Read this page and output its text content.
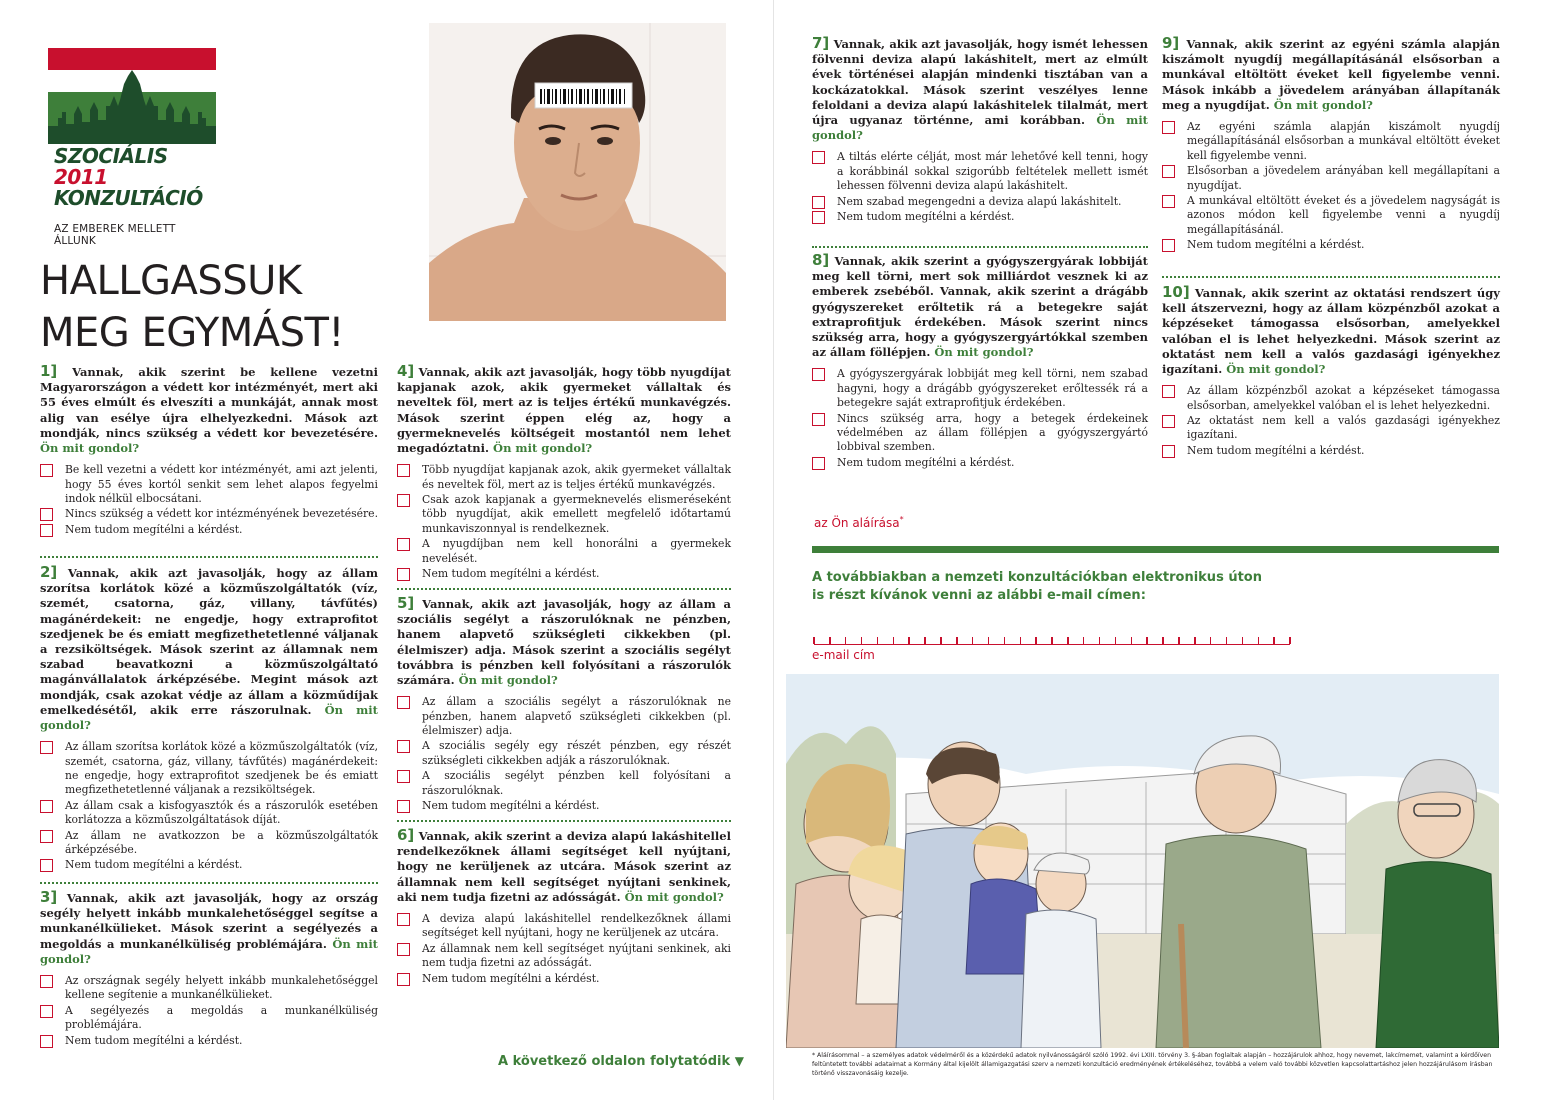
SZOCIÁLIS 2011
KONZULTÁCIÓ
AZ EMBEREK MELLETT ÁLLUNK
HALLGASSUK
MEG EGYMÁST!
1] Vannak, akik szerint be kellene vezetni Magyarországon a védett kor intézményét, mert aki 55 éves elmúlt és elveszíti a munkáját, annak most alig van esélye újra elhelyezkedni. Mások azt mondják, nincs szükség a védett kor bevezetésére. Ön mit gondol?
Be kell vezetni a védett kor intézményét, ami azt jelenti, hogy 55 éves kortól senkit sem lehet alapos fegyelmi indok nélkül elbocsátani.
Nincs szükség a védett kor intézményének bevezetésére.
Nem tudom megítélni a kérdést.
2] Vannak, akik azt javasolják, hogy az állam szorítsa korlátok közé a közműszolgáltatók (víz, szemét, csatorna, gáz, villany, távfűtés) magánérdekeit: ne engedje, hogy extraprofitot szedjenek be és emiatt megfizethetetlenné váljanak a rezsiköltségek. Mások szerint az államnak nem szabad beavatkozni a közműszolgáltató magánvállalatok árképzésébe. Megint mások azt mondják, csak azokat védje az állam a közműdíjak emelkedésétől, akik erre rászorulnak. Ön mit gondol?
Az állam szorítsa korlátok közé a közműszolgáltatók (víz, szemét, csatorna, gáz, villany, távfűtés) magánérdekeit: ne engedje, hogy extraprofitot szedjenek be és emiatt megfizethetetlenné váljanak a rezsiköltségek.
Az állam csak a kisfogyasztók és a rászorulók esetében korlátozza a közműszolgáltatások díját.
Az állam ne avatkozzon be a közműszolgáltatók árképzésébe.
Nem tudom megítélni a kérdést.
3] Vannak, akik azt javasolják, hogy az ország segély helyett inkább munkalehetőséggel segítse a munkanélkülieket. Mások szerint a segélyezés a megoldás a munkanélküliség problémájára. Ön mit gondol?
Az országnak segély helyett inkább munkalehetőséggel kellene segítenie a munkanélkülieket.
A segélyezés a megoldás a munkanélküliség problémájára.
Nem tudom megítélni a kérdést.
4] Vannak, akik azt javasolják, hogy több nyugdíjat kapjanak azok, akik gyermeket vállaltak és neveltek föl, mert az is teljes értékű munkavégzés. Mások szerint éppen elég az, hogy a gyermeknevelés költségeit mostantól nem lehet megadóztatni. Ön mit gondol?
Több nyugdíjat kapjanak azok, akik gyermeket vállaltak és neveltek föl, mert az is teljes értékű munkavégzés.
Csak azok kapjanak a gyermeknevelés elismeréseként több nyugdíjat, akik emellett megfelelő időtartamú munkaviszonnyal is rendelkeznek.
A nyugdíjban nem kell honorálni a gyermekek nevelését.
Nem tudom megítélni a kérdést.
5] Vannak, akik azt javasolják, hogy az állam a szociális segélyt a rászorulóknak ne pénzben, hanem alapvető szükségleti cikkekben (pl. élelmiszer) adja. Mások szerint a szociális segélyt továbbra is pénzben kell folyósítani a rászorulók számára. Ön mit gondol?
Az állam a szociális segélyt a rászorulóknak ne pénzben, hanem alapvető szükségleti cikkekben (pl. élelmiszer) adja.
A szociális segély egy részét pénzben, egy részét szükségleti cikkekben adják a rászorulóknak.
A szociális segélyt pénzben kell folyósítani a rászorulóknak.
Nem tudom megítélni a kérdést.
6] Vannak, akik szerint a deviza alapú lakáshitellel rendelkezőknek állami segítséget kell nyújtani, hogy ne kerüljenek az utcára. Mások szerint az államnak nem kell segítséget nyújtani senkinek, aki nem tudja fizetni az adósságát. Ön mit gondol?
A deviza alapú lakáshitellel rendelkezőknek állami segítséget kell nyújtani, hogy ne kerüljenek az utcára.
Az államnak nem kell segítséget nyújtani senkinek, aki nem tudja fizetni az adósságát.
Nem tudom megítélni a kérdést.
A következő oldalon folytatódik ▼
7] Vannak, akik azt javasolják, hogy ismét lehessen fölvenni deviza alapú lakáshitelt, mert az elmúlt évek történései alapján mindenki tisztában van a kockázatokkal. Mások szerint veszélyes lenne feloldani a deviza alapú lakáshitelek tilalmát, mert újra ugyanaz történne, ami korábban. Ön mit gondol?
A tiltás elérte célját, most már lehetővé kell tenni, hogy a korábbinál sokkal szigorúbb feltételek mellett ismét lehessen fölvenni deviza alapú lakáshitelt.
Nem szabad megengedni a deviza alapú lakáshitelt.
Nem tudom megítélni a kérdést.
8] Vannak, akik szerint a gyógyszergyárak lobbiját meg kell törni, mert sok milliárdot vesznek ki az emberek zsebéből. Vannak, akik szerint a drágább gyógyszereket erőltetik rá a betegekre saját extraprofitjuk érdekében. Mások szerint nincs szükség arra, hogy a gyógyszergyártókkal szemben az állam föllépjen. Ön mit gondol?
A gyógyszergyárak lobbiját meg kell törni, nem szabad hagyni, hogy a drágább gyógyszereket erőltessék rá a betegekre saját extraprofitjuk érdekében.
Nincs szükség arra, hogy a betegek érdekeinek védelmében az állam föllépjen a gyógyszergyártó lobbival szemben.
Nem tudom megítélni a kérdést.
9] Vannak, akik szerint az egyéni számla alapján kiszámolt nyugdíj megállapításánál elsősorban a munkával eltöltött éveket kell figyelembe venni. Mások inkább a jövedelem arányában állapítanák meg a nyugdíjat. Ön mit gondol?
Az egyéni számla alapján kiszámolt nyugdíj megállapításánál elsősorban a munkával eltöltött éveket kell figyelembe venni.
Elsősorban a jövedelem arányában kell megállapítani a nyugdíjat.
A munkával eltöltött éveket és a jövedelem nagyságát is azonos módon kell figyelembe venni a nyugdíj megállapításánál.
Nem tudom megítélni a kérdést.
10] Vannak, akik szerint az oktatási rendszert úgy kell átszervezni, hogy az állam közpénzből azokat a képzéseket támogassa elsősorban, amelyekkel valóban el is lehet helyezkedni. Mások szerint az oktatást nem kell a valós gazdasági igényekhez igazítani. Ön mit gondol?
Az állam közpénzből azokat a képzéseket támogassa elsősorban, amelyekkel valóban el is lehet helyezkedni.
Az oktatást nem kell a valós gazdasági igényekhez igazítani.
Nem tudom megítélni a kérdést.
az Ön aláírása*
A továbbiakban a nemzeti konzultációkban elektronikus úton is részt kívánok venni az alábbi e-mail címen:
e-mail cím
* Aláírásommal – a személyes adatok védelméről és a közérdekű adatok nyilvánosságáról szóló 1992. évi LXIII. törvény 3. §-ában foglaltak alapján – hozzájárulok ahhoz, hogy nevemet, lakcímemet, valamint a kérdőíven feltüntetett további adataimat a Kormány által kijelölt államigazgatási szerv a nemzeti konzultáció eredményének értékeléséhez, továbbá a velem való további közvetlen kapcsolattartáshoz jelen hozzájárulásom írásban történő visszavonásáig kezelje.
